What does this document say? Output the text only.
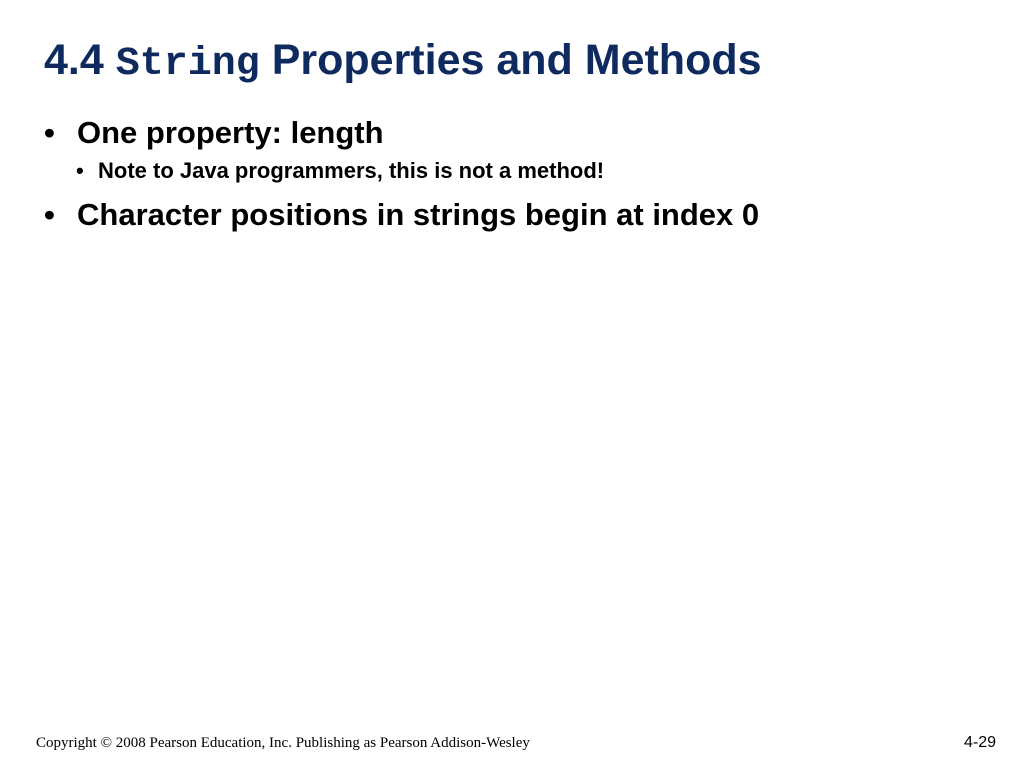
4.4 String Properties and Methods
• One property: length
• Note to Java programmers, this is not a method!
• Character positions in strings begin at index 0
Copyright © 2008 Pearson Education, Inc. Publishing as Pearson Addison-Wesley	4-29
